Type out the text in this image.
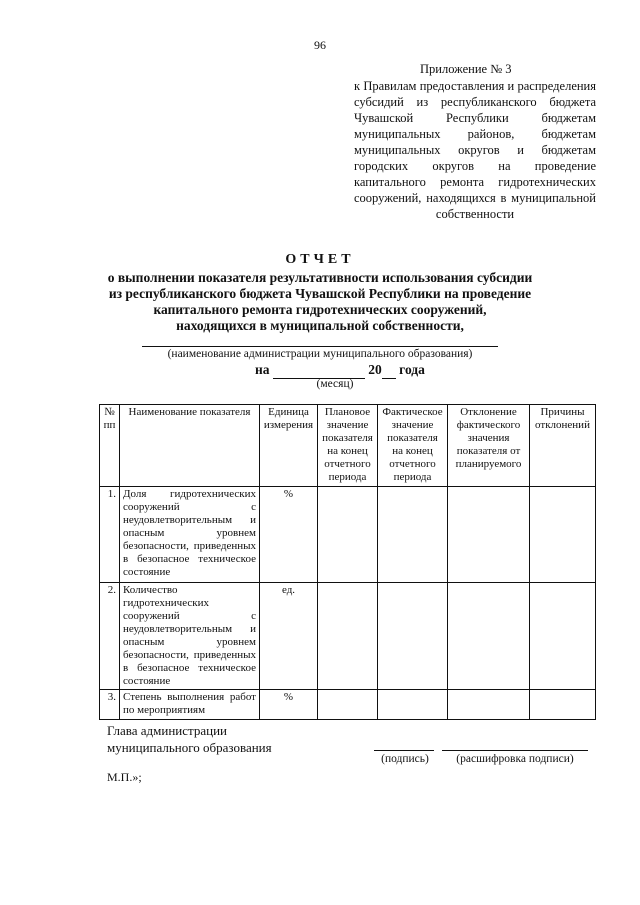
96
Приложение № 3
к Правилам предоставления и распределения субсидий из республиканского бюджета Чувашской Республики бюджетам муниципальных районов, бюджетам муниципальных округов и бюджетам городских округов на проведение капитального ремонта гидротехнических сооружений, находящихся в муниципальной собственности
ОТЧЕТ
о выполнении показателя результативности использования субсидии
из республиканского бюджета Чувашской Республики на проведение
капитального ремонта гидротехнических сооружений,
находящихся в муниципальной собственности,
(наименование администрации муниципального образования)
на	20 года
(месяц)
№ пп	Наименование показателя	Единица измерения	Плановое значение показателя на конец отчетного периода	Фактическое значение показателя на конец отчетного периода	Отклонение фактического значения показателя от планируемого	Причины отклонений
1.	Доля гидротехнических сооружений с неудовлетворительным и опасным уровнем безопасности, приведенных в безопасное техническое состояние	%				
2.	Количество гидротехнических сооружений с неудовлетворительным и опасным уровнем безопасности, приведенных в безопасное техническое состояние	ед.				
3.	Степень выполнения работ по мероприятиям	%				
Глава администрации
муниципального образования
(подпись)	(расшифровка подписи)
М.П.»;
